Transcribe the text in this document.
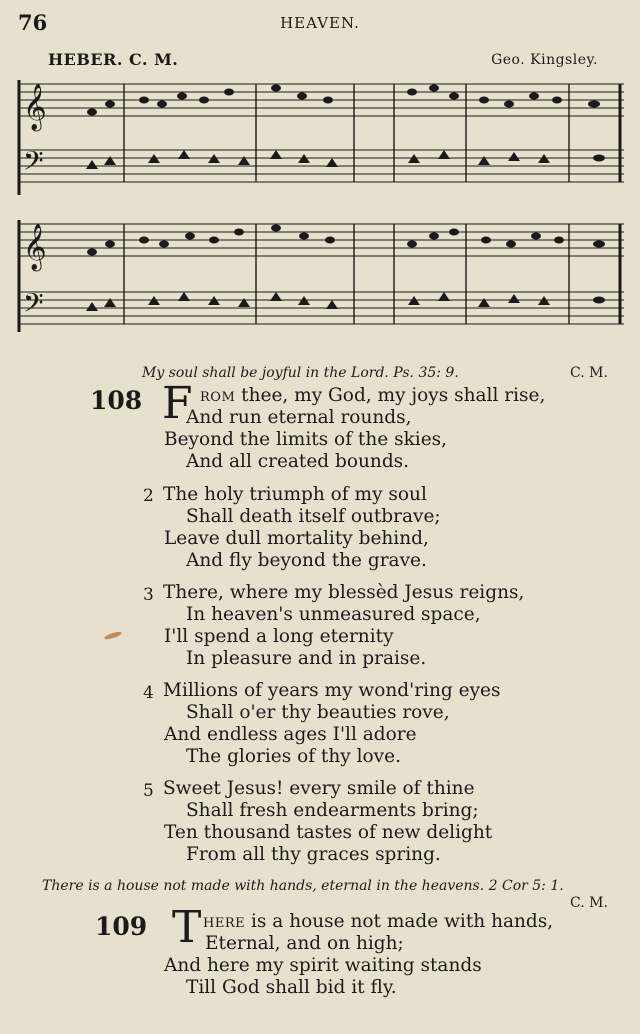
76	HEAVEN.
HEBER. C. M.	Geo. Kingsley.
𝄞
𝄢
𝄞
𝄢
My soul shall be joyful in the Lord. Ps. 35: 9.	C. M.
108 F ROM thee, my God, my joys shall rise,
And run eternal rounds,
Beyond the limits of the skies,
And all created bounds.
2 The holy triumph of my soul
Shall death itself outbrave;
Leave dull mortality behind,
And fly beyond the grave.
3 There, where my blessèd Jesus reigns,
In heaven's unmeasured space,
I'll spend a long eternity
In pleasure and in praise.
4 Millions of years my wond'ring eyes
Shall o'er thy beauties rove,
And endless ages I'll adore
The glories of thy love.
5 Sweet Jesus! every smile of thine
Shall fresh endearments bring;
Ten thousand tastes of new delight
From all thy graces spring.
There is a house not made with hands, eternal in the heavens. 2 Cor 5: 1.
C. M.
109 T HERE is a house not made with hands,
Eternal, and on high;
And here my spirit waiting stands
Till God shall bid it fly.
